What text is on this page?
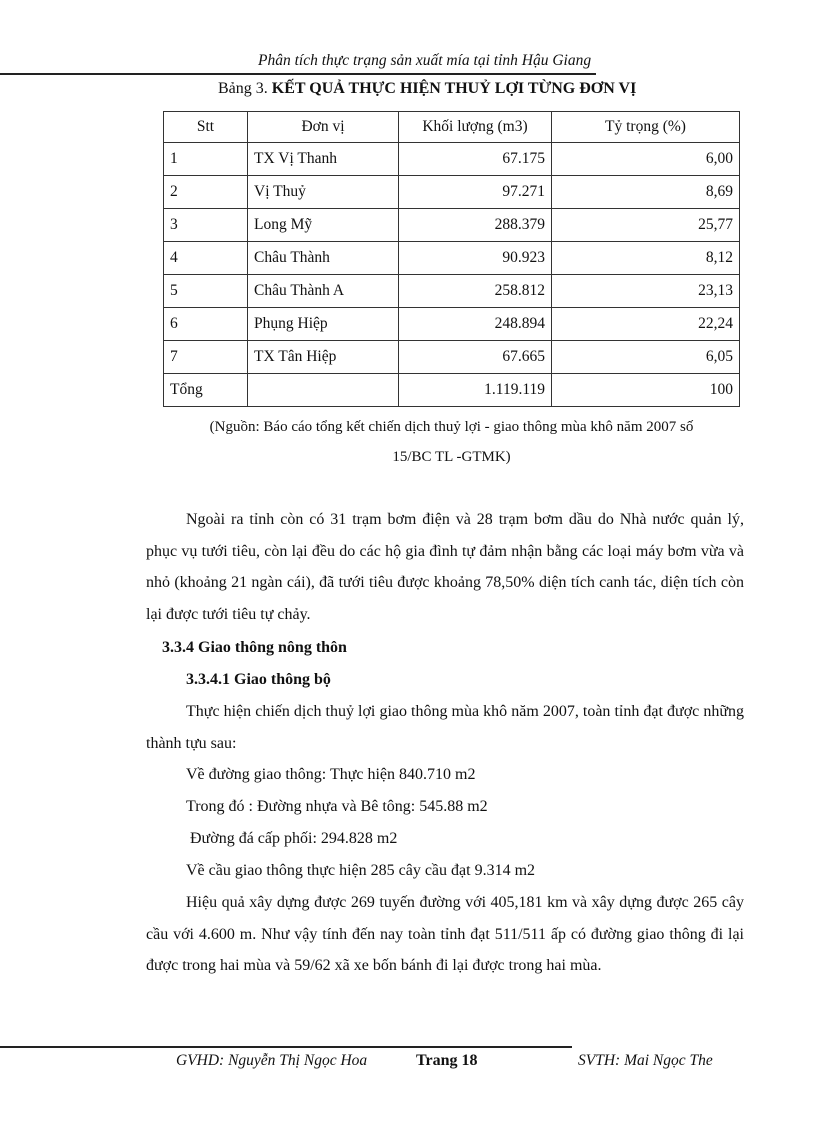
Phân tích thực trạng sản xuất mía tại tỉnh Hậu Giang
Bảng 3. KẾT QUẢ THỰC HIỆN THUỶ LỢI TỪNG ĐƠN VỊ
Stt	Đơn vị	Khối lượng (m3)	Tỷ trọng (%)
1	TX Vị Thanh	67.175	6,00
2	Vị Thuỷ	97.271	8,69
3	Long Mỹ	288.379	25,77
4	Châu Thành	90.923	8,12
5	Châu Thành A	258.812	23,13
6	Phụng Hiệp	248.894	22,24
7	TX Tân Hiệp	67.665	6,05
Tổng		1.119.119	100
(Nguồn: Báo cáo tổng kết chiến dịch thuỷ lợi - giao thông mùa khô năm 2007 số
15/BC TL -GTMK)

Ngoài ra tỉnh còn có 31 trạm bơm điện và 28 trạm bơm dầu do Nhà nước quản lý, phục vụ tưới tiêu, còn lại đều do các hộ gia đình tự đảm nhận bằng các loại máy bơm vừa và nhỏ (khoảng 21 ngàn cái), đã tưới tiêu được khoảng 78,50% diện tích canh tác, diện tích còn lại được tưới tiêu tự chảy.

3.3.4 Giao thông nông thôn

3.3.4.1 Giao thông bộ

Thực hiện chiến dịch thuỷ lợi giao thông mùa khô năm 2007, toàn tỉnh đạt được những thành tựu sau:

Về đường giao thông: Thực hiện 840.710 m2

Trong đó : Đường nhựa và Bê tông: 545.88 m2

Đường đá cấp phối: 294.828 m2

Về cầu giao thông thực hiện 285 cây cầu đạt 9.314 m2

Hiệu quả xây dựng được 269 tuyến đường với 405,181 km và xây dựng được 265 cây cầu với 4.600 m. Như vậy tính đến nay toàn tỉnh đạt 511/511 ấp có đường giao thông đi lại được trong hai mùa và 59/62 xã xe bốn bánh đi lại được trong hai mùa.

GVHD: Nguyễn Thị Ngọc Hoa	Trang 18	SVTH: Mai Ngọc The
